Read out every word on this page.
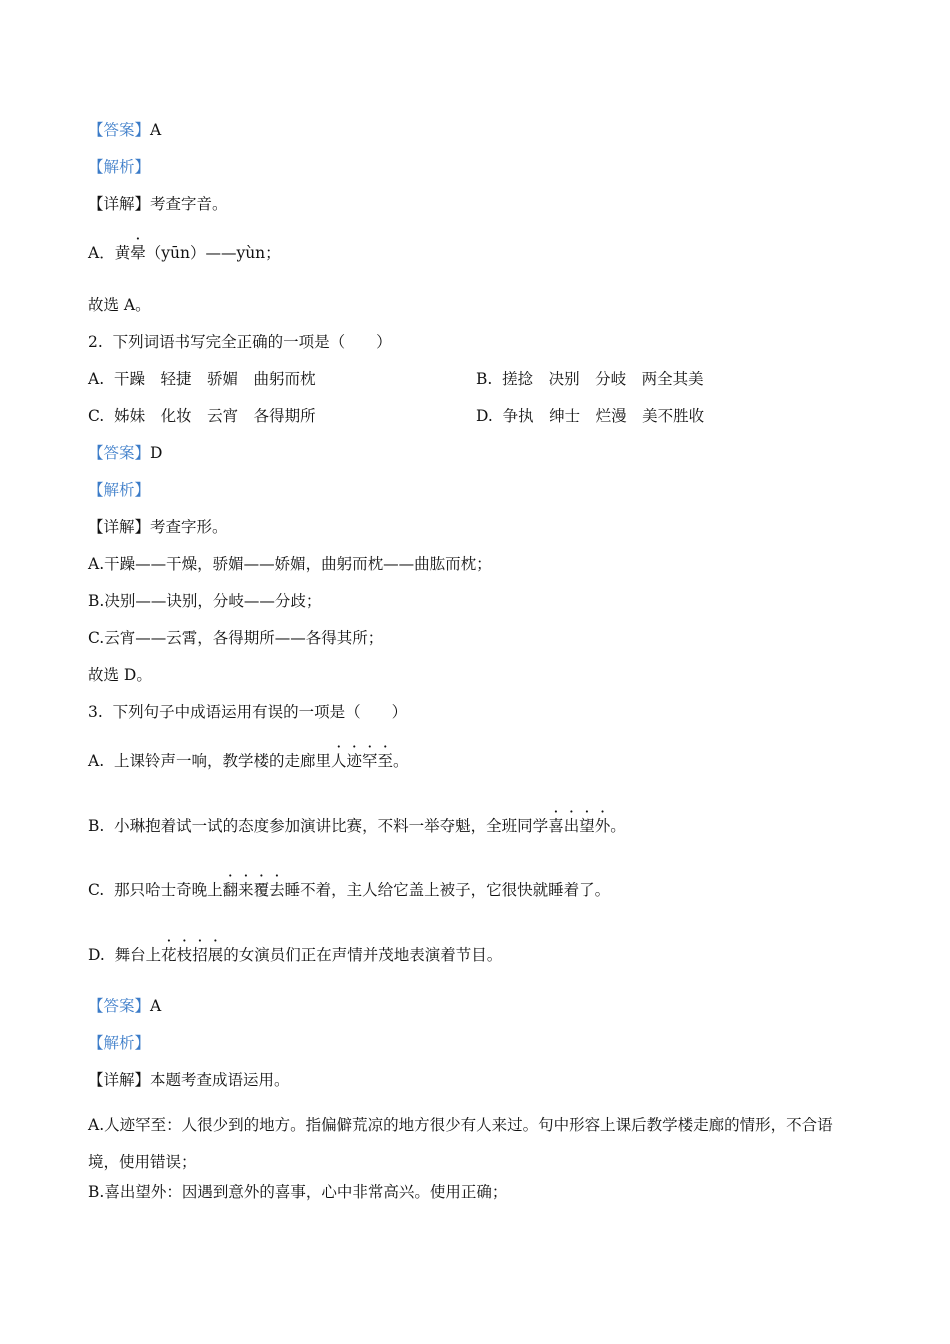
【答案】A
【解析】
【详解】考查字音。
A．黄晕（yūn）——yùn；
故选 A。
2.  下列词语书写完全正确的一项是（　　）
A.  干躁　轻捷　骄媚　曲躬而枕	B.  搓捻　决别　分岐　两全其美
C.  姊妹　化妆　云宵　各得期所	D.  争执　绅士　烂漫　美不胜收
【答案】D
【解析】
【详解】考查字形。
A.干躁——干燥，骄媚——娇媚，曲躬而枕——曲肱而枕；
B.决别——诀别，分岐——分歧；
C.云宵——云霄，各得期所——各得其所；
故选 D。
3.  下列句子中成语运用有误的一项是（　　）
A.  上课铃声一响，教学楼的走廊里人迹罕至。
B.  小琳抱着试一试的态度参加演讲比赛，不料一举夺魁，全班同学喜出望外。
C.  那只哈士奇晚上翻来覆去睡不着，主人给它盖上被子，它很快就睡着了。
D.  舞台上花枝招展的女演员们正在声情并茂地表演着节目。
【答案】A
【解析】
【详解】本题考查成语运用。
A.人迹罕至：人很少到的地方。指偏僻荒凉的地方很少有人来过。句中形容上课后教学楼走廊的情形，不合语境，使用错误；
B.喜出望外：因遇到意外的喜事，心中非常高兴。使用正确；
